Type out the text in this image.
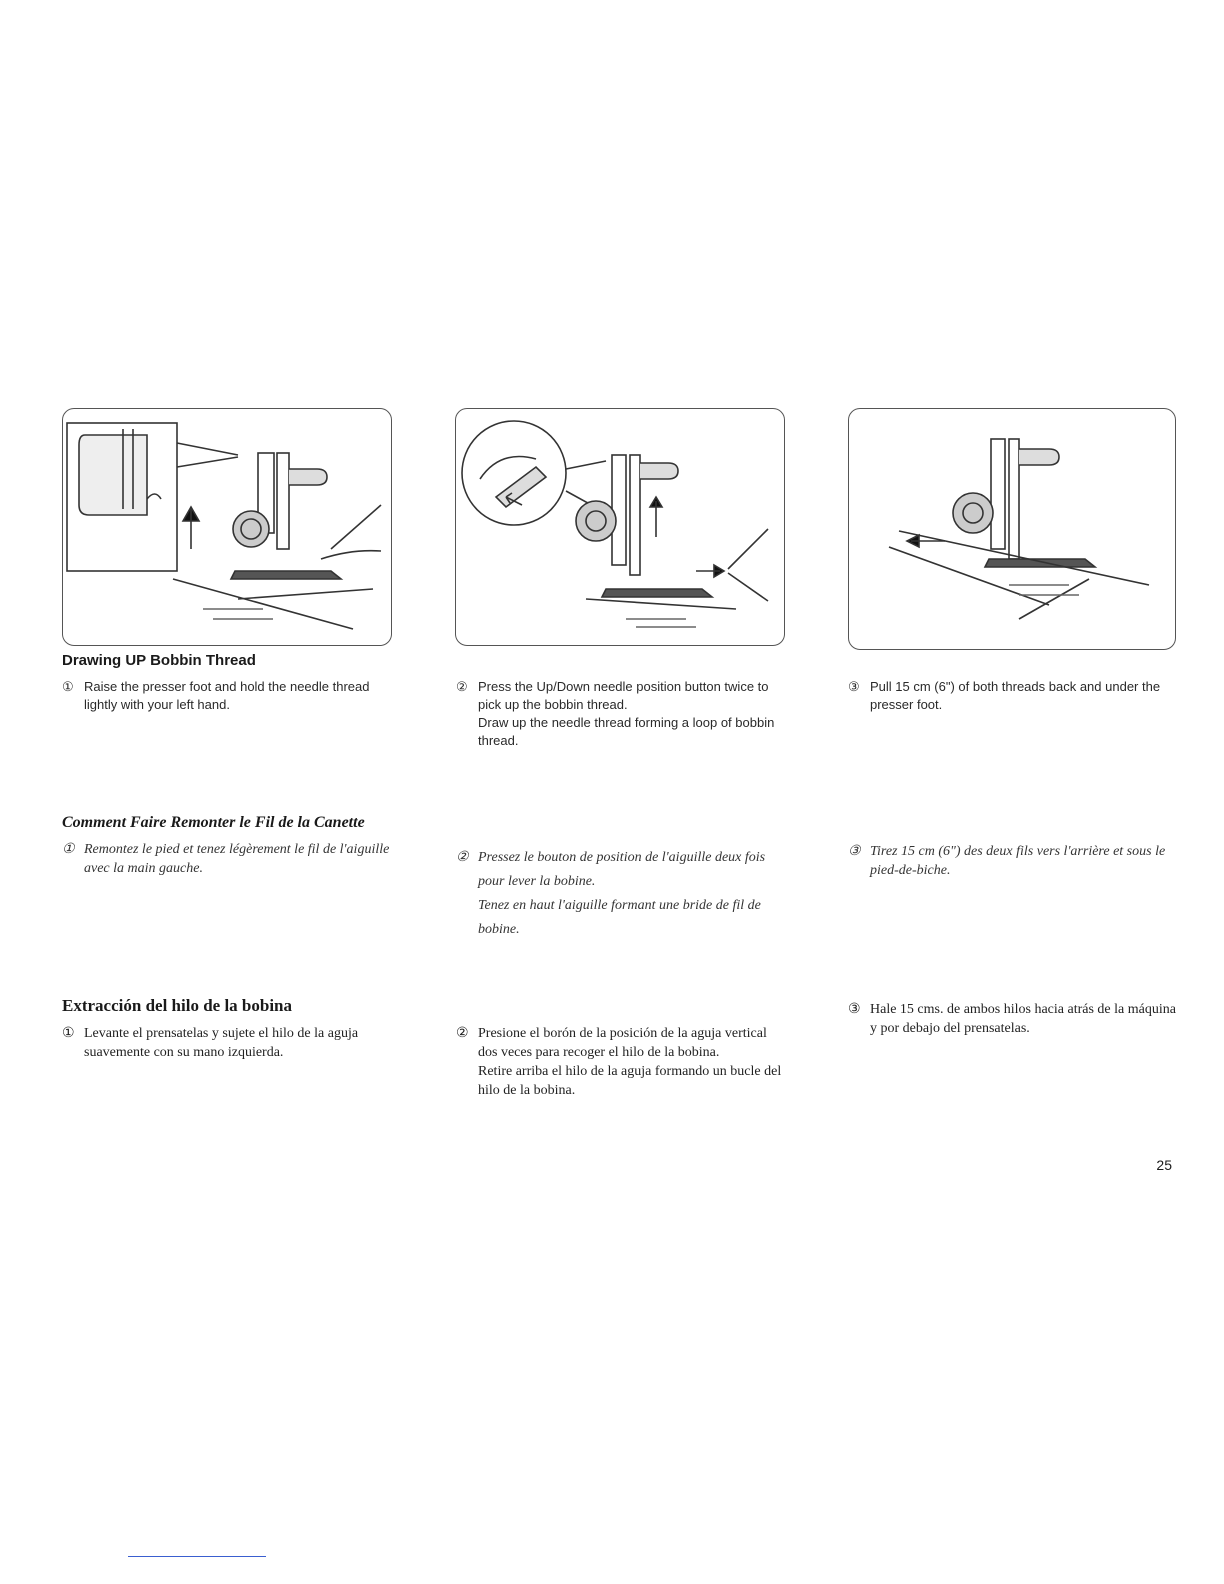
Drawing UP Bobbin Thread
① Raise the presser foot and hold the needle thread lightly with your left hand.

② Press the Up/Down needle position button twice to pick up the bobbin thread.

Draw up the needle thread forming a loop of bobbin thread.

③ Pull 15 cm (6") of both threads back and under the presser foot.

Comment Faire Remonter le Fil de la Canette
① Remontez le pied et tenez légèrement le fil de l'aiguille avec la main gauche.

② Pressez le bouton de position de l'aiguille deux fois pour lever la bobine.

Tenez en haut l'aiguille formant une bride de fil de bobine.

③ Tirez 15 cm (6") des deux fils vers l'arrière et sous le pied-de-biche.

Extracción del hilo de la bobina
① Levante el prensatelas y sujete el hilo de la aguja suavemente con su mano izquierda.

② Presione el borón de la posición de la aguja vertical dos veces para recoger el hilo de la bobina.

Retire arriba el hilo de la aguja formando un bucle del hilo de la bobina.

③ Hale 15 cms. de ambos hilos hacia atrás de la máquina y por debajo del prensatelas.

25
